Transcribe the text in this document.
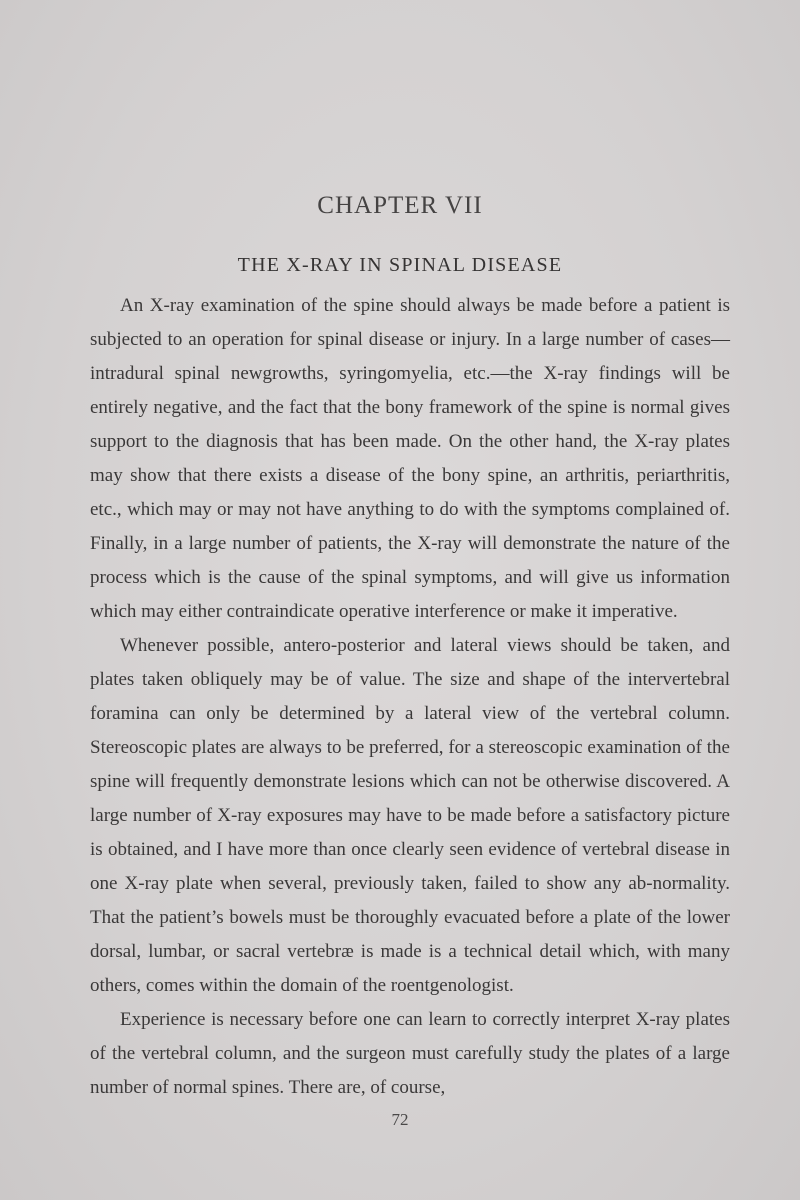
CHAPTER VII
THE X-RAY IN SPINAL DISEASE

An X-ray examination of the spine should always be made before a patient is subjected to an operation for spinal disease or injury. In a large number of cases—intradural spinal newgrowths, syringomyelia, etc.—the X-ray findings will be entirely negative, and the fact that the bony framework of the spine is normal gives support to the diagnosis that has been made. On the other hand, the X-ray plates may show that there exists a disease of the bony spine, an arthritis, periarthritis, etc., which may or may not have anything to do with the symptoms complained of. Finally, in a large number of patients, the X-ray will demonstrate the nature of the process which is the cause of the spinal symptoms, and will give us information which may either contraindicate operative interference or make it imperative.

Whenever possible, antero-posterior and lateral views should be taken, and plates taken obliquely may be of value. The size and shape of the intervertebral foramina can only be determined by a lateral view of the vertebral column. Stereoscopic plates are always to be preferred, for a stereoscopic examination of the spine will frequently demonstrate lesions which can not be otherwise discovered. A large number of X-ray exposures may have to be made before a satisfactory picture is obtained, and I have more than once clearly seen evidence of vertebral disease in one X-ray plate when several, previously taken, failed to show any ab-normality. That the patient’s bowels must be thoroughly evacuated before a plate of the lower dorsal, lumbar, or sacral vertebræ is made is a technical detail which, with many others, comes within the domain of the roentgenologist.

Experience is necessary before one can learn to correctly interpret X-ray plates of the vertebral column, and the surgeon must carefully study the plates of a large number of normal spines. There are, of course,

72
